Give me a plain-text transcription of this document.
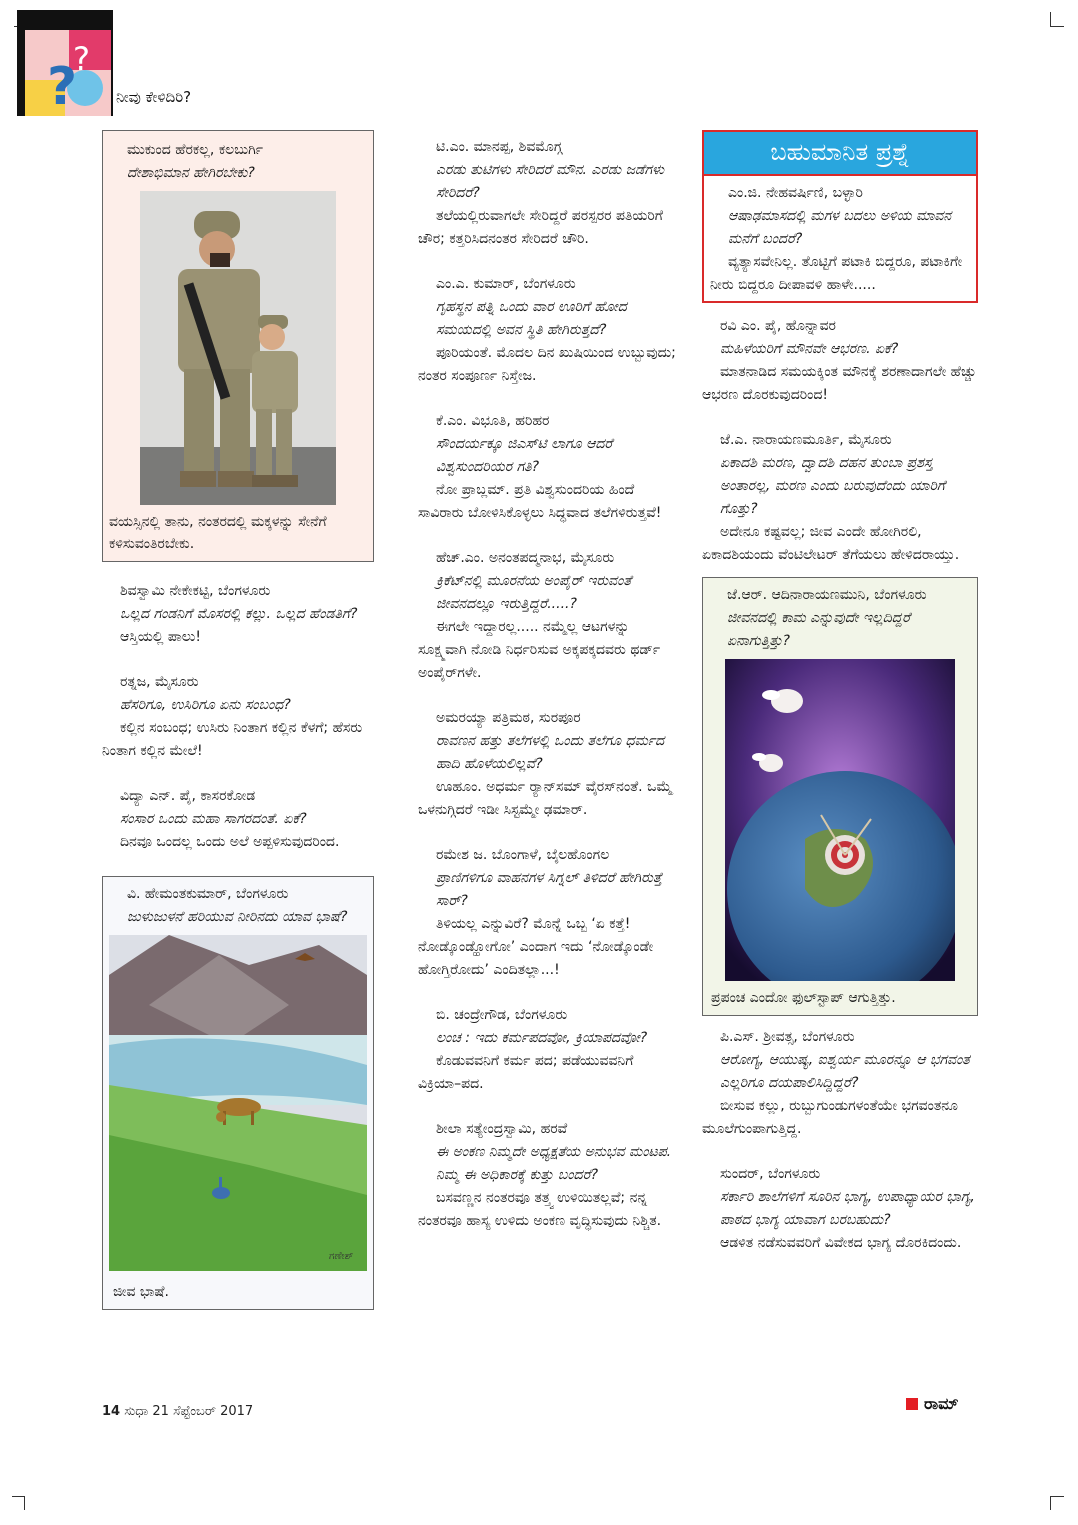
?
?
ನೀವು ಕೇಳಿದಿರಿ?

ಮುಕುಂದ ಹೆರಕಲ್ಲ, ಕಲಬುರ್ಗಿ

ದೇಶಾಭಿಮಾನ ಹೇಗಿರಬೇಕು?

ವಯಸ್ಸಿನಲ್ಲಿ ತಾನು, ನಂತರದಲ್ಲಿ ಮಕ್ಕಳನ್ನು ಸೇನೆಗೆ ಕಳಿಸುವಂತಿರಬೇಕು.

ಶಿವಸ್ವಾಮಿ ನೇಕೇಕಟ್ಟಿ, ಬೆಂಗಳೂರು

ಒಲ್ಲದ ಗಂಡನಿಗೆ ಮೊಸರಲ್ಲಿ ಕಲ್ಲು. ಒಲ್ಲದ ಹೆಂಡತಿಗೆ?

ಆಸ್ತಿಯಲ್ಲಿ ಪಾಲು!

ರತ್ನಜ, ಮೈಸೂರು

ಹೆಸರಿಗೂ, ಉಸಿರಿಗೂ ಏನು ಸಂಬಂಧ?

ಕಲ್ಲಿನ ಸಂಬಂಧ; ಉಸಿರು ನಿಂತಾಗ ಕಲ್ಲಿನ ಕೆಳಗೆ; ಹೆಸರು ನಿಂತಾಗ ಕಲ್ಲಿನ ಮೇಲೆ!

ವಿದ್ಯಾ ಎನ್. ಪೈ, ಕಾಸರಕೋಡ

ಸಂಸಾರ ಒಂದು ಮಹಾ ಸಾಗರದಂತೆ. ಏಕೆ?

ದಿನವೂ ಒಂದಲ್ಲ ಒಂದು ಅಲೆ ಅಪ್ಪಳಿಸುವುದರಿಂದ.

ವಿ. ಹೇಮಂತಕುಮಾರ್, ಬೆಂಗಳೂರು

ಜುಳುಜುಳನೆ ಹರಿಯುವ ನೀರಿನದು ಯಾವ ಭಾಷೆ?

ಗಣೇಶ್
ಜೀವ ಭಾಷೆ.

ಟಿ.ಎಂ. ಮಾನಪ್ಪ, ಶಿವಮೊಗ್ಗ

ಎರಡು ತುಟಿಗಳು ಸೇರಿದರೆ ಮೌನ. ಎರಡು ಜಡೆಗಳು ಸೇರಿದರೆ?

ತಲೆಯಲ್ಲಿರುವಾಗಲೇ ಸೇರಿದ್ದರೆ ಪರಸ್ಪರರ ಪತಿಯರಿಗೆ ಚೌರ; ಕತ್ತರಿಸಿದನಂತರ ಸೇರಿದರೆ ಚೌರಿ.

ಎಂ.ಎ. ಕುಮಾರ್, ಬೆಂಗಳೂರು

ಗೃಹಸ್ಥನ ಪತ್ನಿ ಒಂದು ವಾರ ಊರಿಗೆ ಹೋದ ಸಮಯದಲ್ಲಿ ಅವನ ಸ್ಥಿತಿ ಹೇಗಿರುತ್ತದೆ?

ಪೂರಿಯಂತೆ. ಮೊದಲ ದಿನ ಖುಷಿಯಿಂದ ಉಬ್ಬುವುದು; ನಂತರ ಸಂಪೂರ್ಣ ನಿಸ್ತೇಜ.

ಕೆ.ಎಂ. ವಿಭೂತಿ, ಹರಿಹರ

ಸೌಂದರ್ಯಕ್ಕೂ ಜಿಎಸ್‌ಟಿ ಲಾಗೂ ಆದರೆ ವಿಶ್ವಸುಂದರಿಯರ ಗತಿ?

ನೋ ಪ್ರಾಬ್ಲಮ್. ಪ್ರತಿ ವಿಶ್ವಸುಂದರಿಯ ಹಿಂದೆ ಸಾವಿರಾರು ಬೋಳಿಸಿಕೊಳ್ಳಲು ಸಿದ್ಧವಾದ ತಲೆಗಳಿರುತ್ತವೆ!

ಹೆಚ್.ಎಂ. ಅನಂತಪದ್ಮನಾಭ, ಮೈಸೂರು

ಕ್ರಿಕೆಟ್‌ನಲ್ಲಿ ಮೂರನೆಯ ಅಂಪೈರ್ ಇರುವಂತೆ ಜೀವನದಲ್ಲೂ ಇರುತ್ತಿದ್ದರೆ.....?

ಈಗಲೇ ಇದ್ದಾರಲ್ಲ..... ನಮ್ಮೆಲ್ಲ ಆಟಗಳನ್ನು ಸೂಕ್ಷ್ಮವಾಗಿ ನೋಡಿ ನಿರ್ಧರಿಸುವ ಅಕ್ಕಪಕ್ಕದವರು ಥರ್ಡ್ ಅಂಪೈರ್‌ಗಳೇ.

ಅಮರಯ್ಯಾ ಪತ್ರಿಮಠ, ಸುರಪೂರ

ರಾವಣನ ಹತ್ತು ತಲೆಗಳಲ್ಲಿ ಒಂದು ತಲೆಗೂ ಧರ್ಮದ ಹಾದಿ ಹೊಳೆಯಲಿಲ್ಲವೆ?

ಊಹೂಂ. ಅಧರ್ಮ ರ್‍ಯಾನ್‌ಸಮ್ ವೈರಸ್‌ನಂತೆ. ಒಮ್ಮೆ ಒಳನುಗ್ಗಿದರೆ ಇಡೀ ಸಿಸ್ಟಮ್ಮೇ ಢಮಾರ್.

ರಮೇಶ ಜ. ಬೊಂಗಾಳೆ, ಬೈಲಹೊಂಗಲ

ಪ್ರಾಣಿಗಳಿಗೂ ವಾಹನಗಳ ಸಿಗ್ನಲ್ ತಿಳಿದರೆ ಹೇಗಿರುತ್ತೆ ಸಾರ್?

ತಿಳಿಯಲ್ಲ ಎನ್ನುವಿರೆ? ಮೊನ್ನೆ ಒಬ್ಬ ‘ಏ ಕತ್ತೆ! ನೋಡ್ಕೊಂಡ್ಹೋಗೋ’ ಎಂದಾಗ ಇದು ‘ನೋಡ್ಕೊಂಡೇ ಹೋಗ್ತಿರೋದು’ ಎಂದಿತಲ್ಲಾ...!

ಬಿ. ಚಂದ್ರೇಗೌಡ, ಬೆಂಗಳೂರು

ಲಂಚ : ಇದು ಕರ್ಮಪದವೋ, ಕ್ರಿಯಾಪದವೋ?

ಕೊಡುವವನಿಗೆ ಕರ್ಮ ಪದ; ಪಡೆಯುವವನಿಗೆ ವಿಕ್ರಿಯಾ–ಪದ.

ಶೀಲಾ ಸತ್ಯೇಂದ್ರಸ್ವಾಮಿ, ಹರವೆ

ಈ ಅಂಕಣ ನಿಮ್ಮದೇ ಅಧ್ಯಕ್ಷತೆಯ ಅನುಭವ ಮಂಟಪ. ನಿಮ್ಮ ಈ ಅಧಿಕಾರಕ್ಕೆ ಕುತ್ತು ಬಂದರೆ?

ಬಸವಣ್ಣನ ನಂತರವೂ ತತ್ತ್ವ ಉಳಿಯಿತಲ್ಲವೆ; ನನ್ನ ನಂತರವೂ ಹಾಸ್ಯ ಉಳಿದು ಅಂಕಣ ವೃದ್ಧಿಸುವುದು ನಿಶ್ಚಿತ.

ಬಹುಮಾನಿತ ಪ್ರಶ್ನೆ

ಎಂ.ಜಿ. ನೇಹವರ್ಷಿಣಿ, ಬಳ್ಳಾರಿ

ಆಷಾಢಮಾಸದಲ್ಲಿ ಮಗಳ ಬದಲು ಅಳಿಯ ಮಾವನ ಮನೆಗೆ ಬಂದರೆ?

ವ್ಯತ್ಯಾಸವೇನಿಲ್ಲ. ತೊಟ್ಟಿಗೆ ಪಟಾಕಿ ಬಿದ್ದರೂ, ಪಟಾಕಿಗೇ ನೀರು ಬಿದ್ದರೂ ದೀಪಾವಳಿ ಹಾಳೇ.....

ರವಿ ಎಂ. ಪೈ, ಹೊನ್ನಾವರ

ಮಹಿಳೆಯರಿಗೆ ಮೌನವೇ ಆಭರಣ. ಏಕೆ?

ಮಾತನಾಡಿದ ಸಮಯಕ್ಕಿಂತ ಮೌನಕ್ಕೆ ಶರಣಾದಾಗಲೇ ಹೆಚ್ಚು ಆಭರಣ ದೊರಕುವುದರಿಂದ!

ಜೆ.ಎ. ನಾರಾಯಣಮೂರ್ತಿ, ಮೈಸೂರು

ಏಕಾದಶಿ ಮರಣ, ದ್ವಾದಶಿ ದಹನ ತುಂಬಾ ಪ್ರಶಸ್ತ ಅಂತಾರಲ್ಲ, ಮರಣ ಎಂದು ಬರುವುದೆಂದು ಯಾರಿಗೆ ಗೊತ್ತು?

ಅದೇನೂ ಕಷ್ಟವಲ್ಲ; ಜೀವ ಎಂದೇ ಹೋಗಿರಲಿ, ಏಕಾದಶಿಯಂದು ವೆಂಟಿಲೇಟರ್ ತೆಗೆಯಲು ಹೇಳಿದರಾಯ್ತು.

ಜೆ.ಆರ್. ಆದಿನಾರಾಯಣಮುನಿ, ಬೆಂಗಳೂರು

ಜೀವನದಲ್ಲಿ ಕಾಮ ಎನ್ನುವುದೇ ಇಲ್ಲದಿದ್ದರೆ ಏನಾಗುತ್ತಿತ್ತು?

ಪ್ರಪಂಚ ಎಂದೋ ಫುಲ್‌ಸ್ಟಾಪ್ ಆಗುತ್ತಿತ್ತು.

ಪಿ.ಎಸ್. ಶ್ರೀವತ್ಸ, ಬೆಂಗಳೂರು

ಆರೋಗ್ಯ, ಆಯುಷ್ಯ, ಐಶ್ವರ್ಯ ಮೂರನ್ನೂ ಆ ಭಗವಂತ ಎಲ್ಲರಿಗೂ ದಯಪಾಲಿಸಿದ್ದಿದ್ದರೆ?

ಬೀಸುವ ಕಲ್ಲು, ರುಬ್ಬುಗುಂಡುಗಳಂತೆಯೇ ಭಗವಂತನೂ ಮೂಲೆಗುಂಪಾಗುತ್ತಿದ್ದ.

ಸುಂದರ್, ಬೆಂಗಳೂರು

ಸರ್ಕಾರಿ ಶಾಲೆಗಳಿಗೆ ಸೂರಿನ ಭಾಗ್ಯ, ಉಪಾಧ್ಯಾಯರ ಭಾಗ್ಯ, ಪಾಠದ ಭಾಗ್ಯ ಯಾವಾಗ ಬರಬಹುದು?

ಆಡಳಿತ ನಡೆಸುವವರಿಗೆ ವಿವೇಕದ ಭಾಗ್ಯ ದೊರಕಿದಂದು.

14 ಸುಧಾ 21 ಸೆಪ್ಟೆಂಬರ್ 2017	ರಾಮ್
